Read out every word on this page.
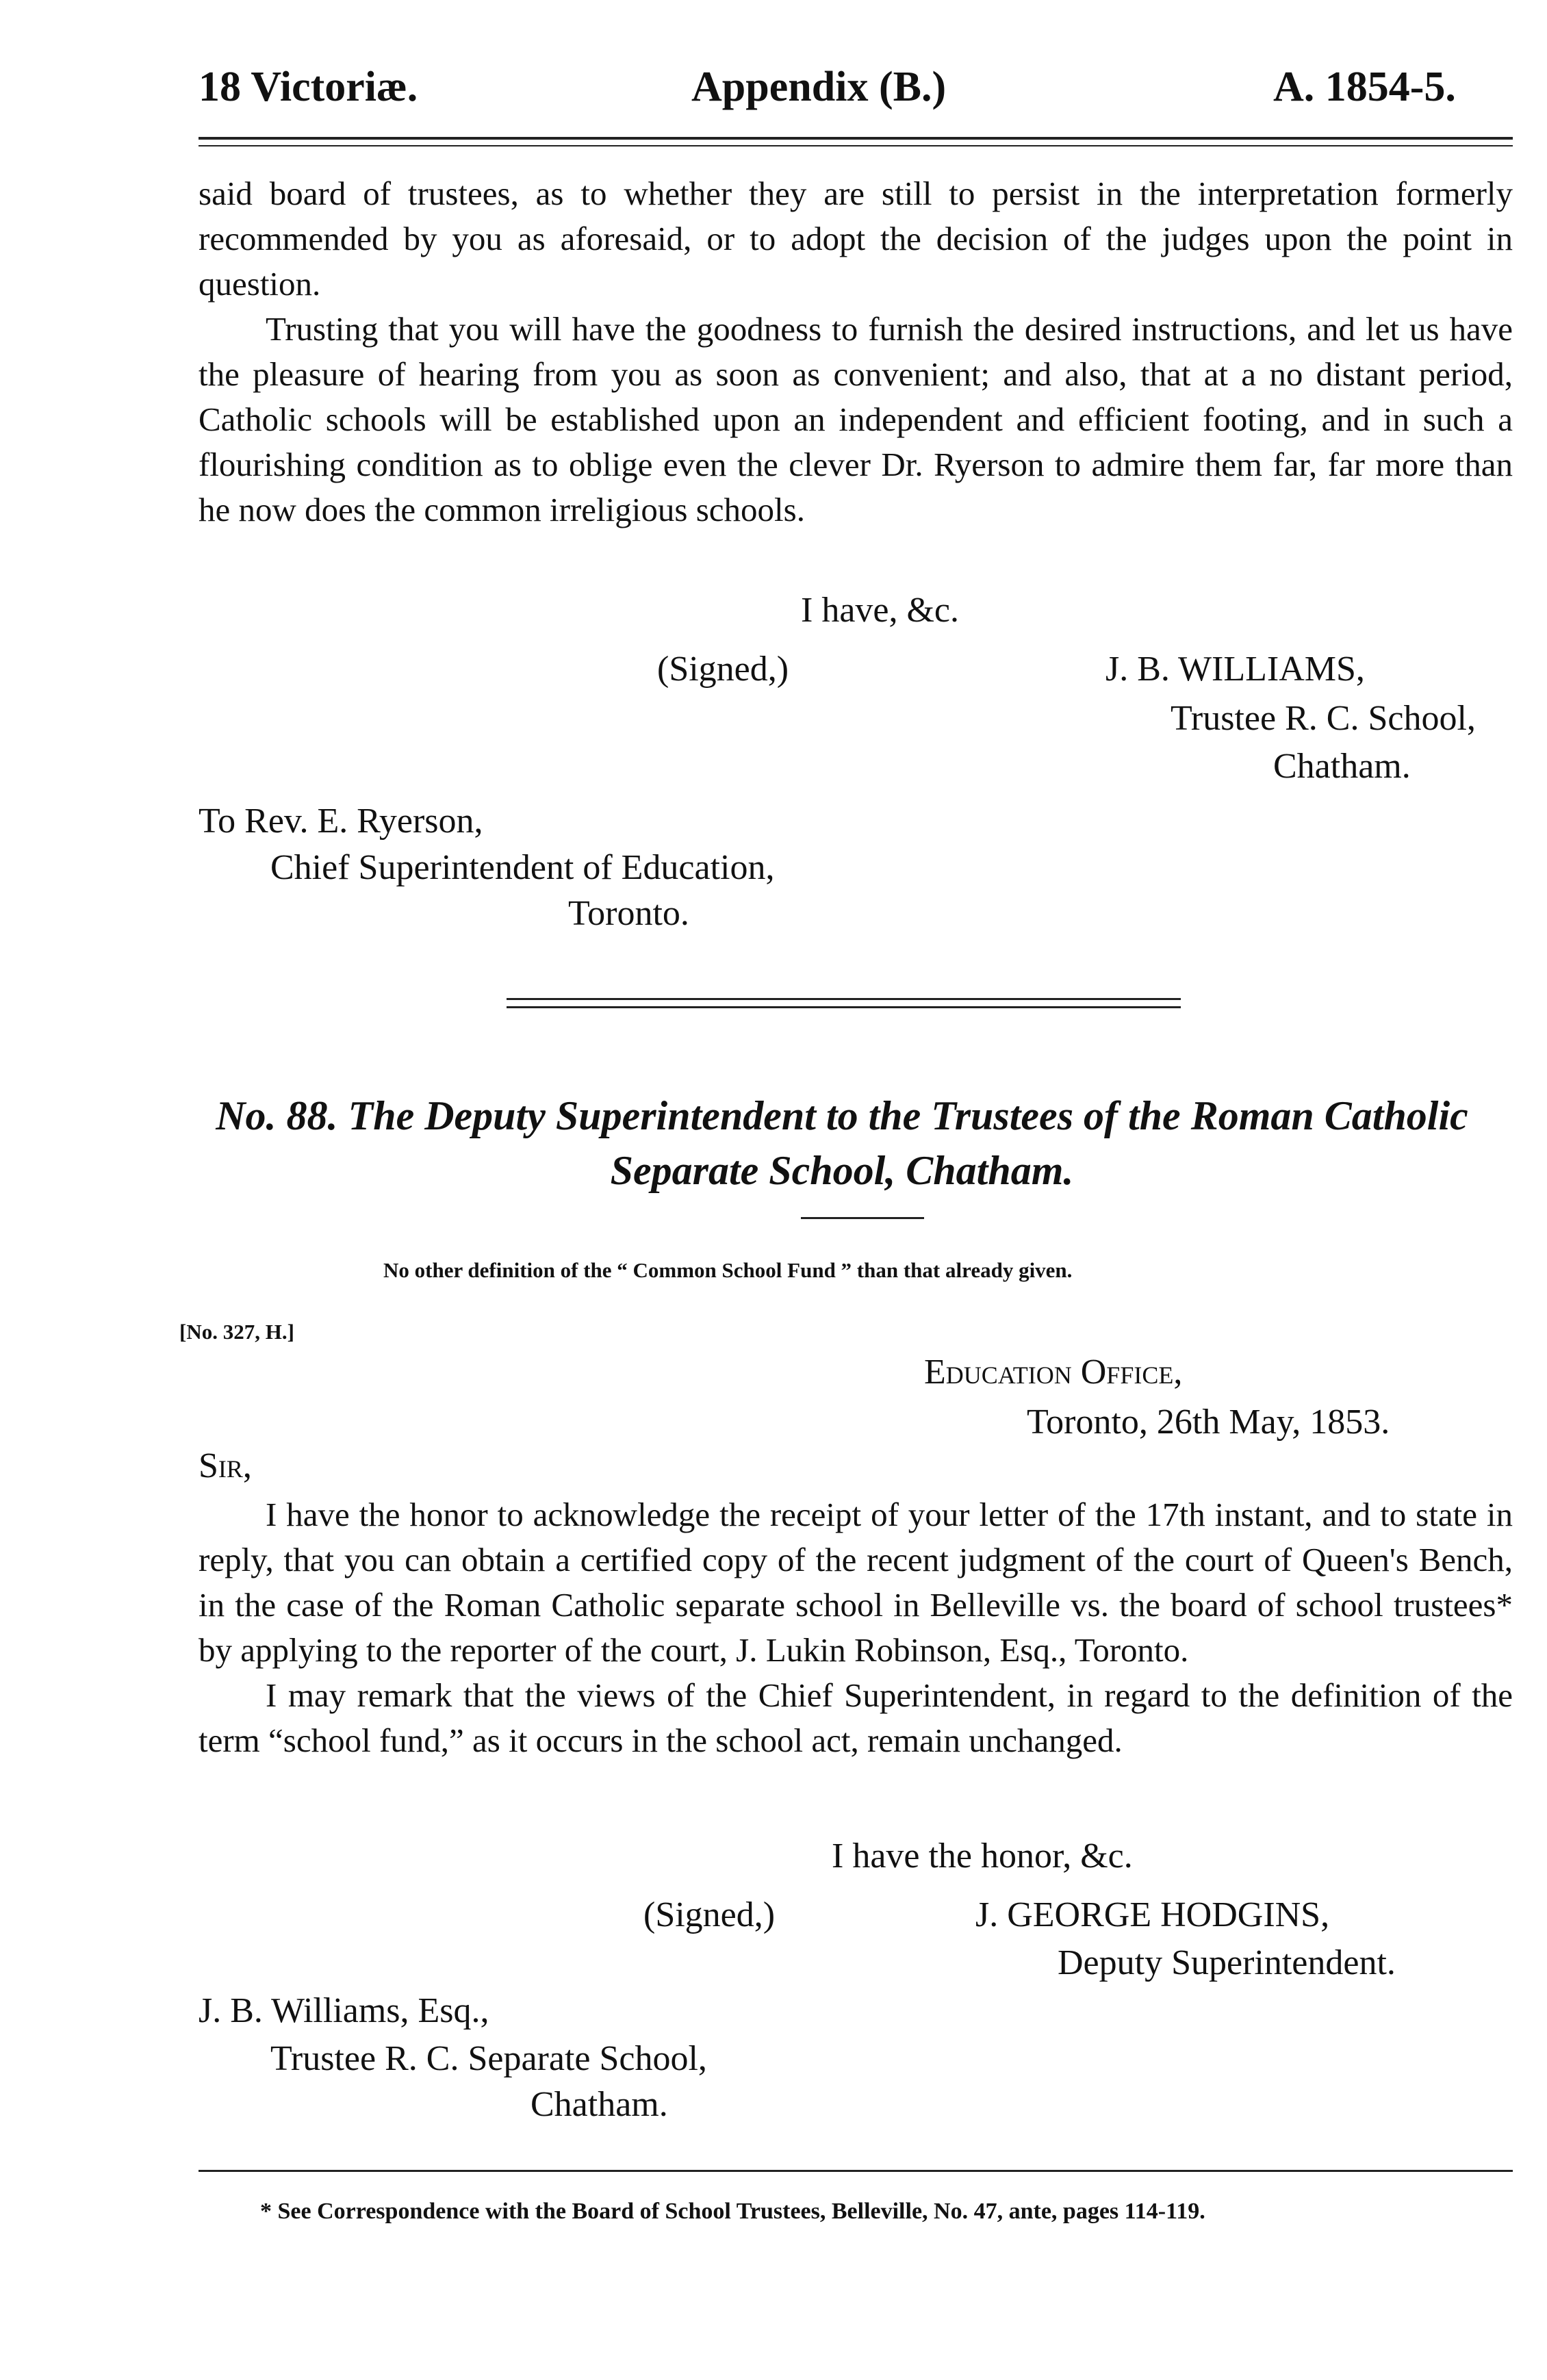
18 Victoriæ.	Appendix (B.)	A. 1854-5.

said board of trustees, as to whether they are still to persist in the interpretation formerly recommended by you as aforesaid, or to adopt the decision of the judges upon the point in question.

Trusting that you will have the goodness to furnish the desired instructions, and let us have the pleasure of hearing from you as soon as convenient; and also, that at a no distant period, Catholic schools will be established upon an independent and efficient footing, and in such a flourishing condition as to oblige even the clever Dr. Ryerson to admire them far, far more than he now does the common irreligious schools.

I have, &c.
(Signed,)	J. B. WILLIAMS,
Trustee R. C. School,
Chatham.
To Rev. E. Ryerson,
Chief Superintendent of Education,
Toronto.
No. 88. The Deputy Superintendent to the Trustees of the Roman Catholic
Separate School, Chatham.
No other definition of the “ Common School Fund ” than that already given.
[No. 327, H.]
Education Office,
Toronto, 26th May, 1853.
Sir,

I have the honor to acknowledge the receipt of your letter of the 17th instant, and to state in reply, that you can obtain a certified copy of the recent judgment of the court of Queen's Bench, in the case of the Roman Catholic separate school in Belleville vs. the board of school trustees* by applying to the reporter of the court, J. Lukin Robinson, Esq., Toronto.

I may remark that the views of the Chief Superintendent, in regard to the definition of the term “school fund,” as it occurs in the school act, remain unchanged.

I have the honor, &c.
(Signed,)	J. GEORGE HODGINS,
Deputy Superintendent.
J. B. Williams, Esq.,
Trustee R. C. Separate School,
Chatham.
* See Correspondence with the Board of School Trustees, Belleville, No. 47, ante, pages 114-119.
